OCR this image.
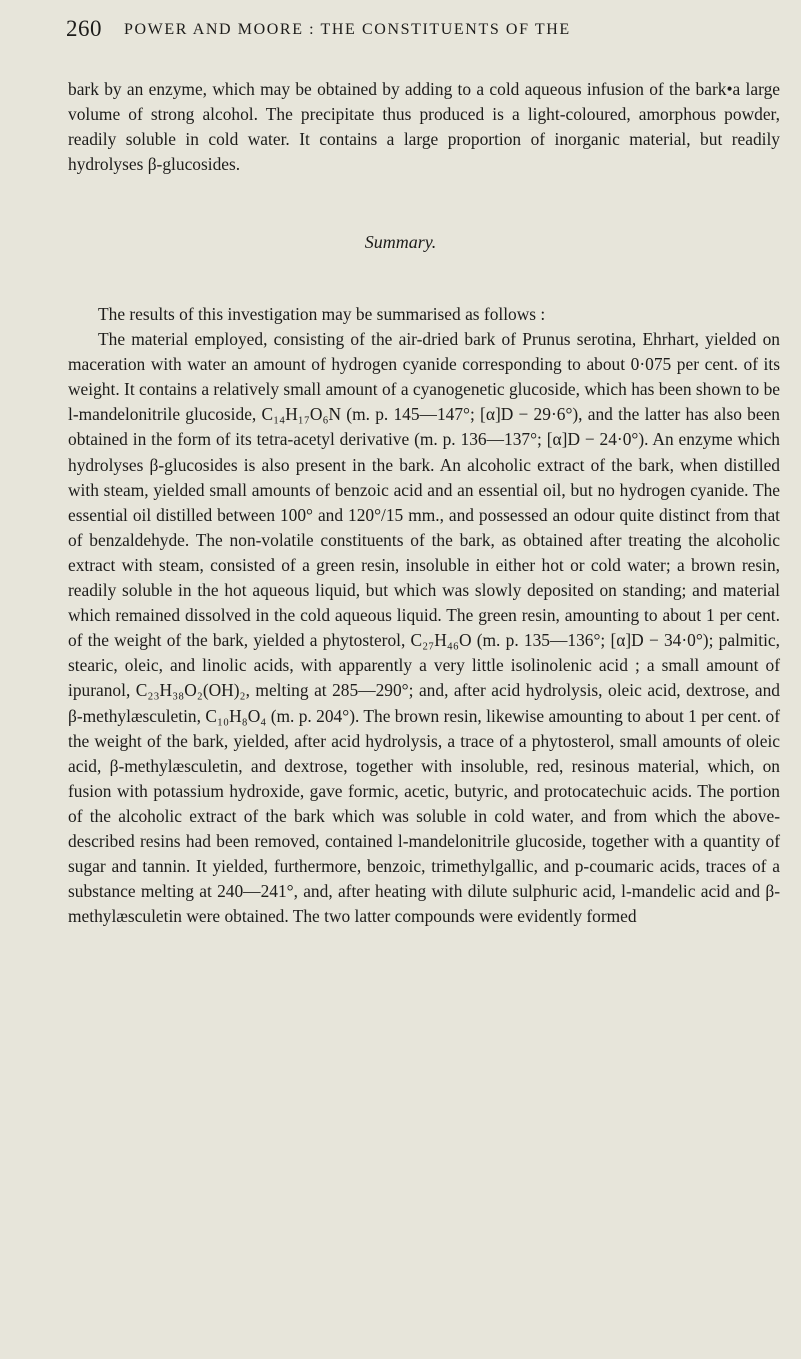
260 POWER AND MOORE : THE CONSTITUENTS OF THE

bark by an enzyme, which may be obtained by adding to a cold aqueous infusion of the bark•a large volume of strong alcohol. The precipitate thus produced is a light-coloured, amorphous powder, readily soluble in cold water. It contains a large proportion of inorganic material, but readily hydrolyses β-glucosides.

Summary.

The results of this investigation may be summarised as follows :

The material employed, consisting of the air-dried bark of Prunus serotina, Ehrhart, yielded on maceration with water an amount of hydrogen cyanide corresponding to about 0·075 per cent. of its weight. It contains a relatively small amount of a cyanogenetic glucoside, which has been shown to be l-mandelonitrile glucoside, C₁₄H₁₇O₆N (m. p. 145—147°; [α]D − 29·6°), and the latter has also been obtained in the form of its tetra-acetyl derivative (m. p. 136—137°; [α]D − 24·0°). An enzyme which hydrolyses β-glucosides is also present in the bark. An alcoholic extract of the bark, when distilled with steam, yielded small amounts of benzoic acid and an essential oil, but no hydrogen cyanide. The essential oil distilled between 100° and 120°/15 mm., and possessed an odour quite distinct from that of benzaldehyde. The non-volatile constituents of the bark, as obtained after treating the alcoholic extract with steam, consisted of a green resin, insoluble in either hot or cold water; a brown resin, readily soluble in the hot aqueous liquid, but which was slowly deposited on standing; and material which remained dissolved in the cold aqueous liquid. The green resin, amounting to about 1 per cent. of the weight of the bark, yielded a phytosterol, C₂₇H₄₆O (m. p. 135—136°; [α]D − 34·0°); palmitic, stearic, oleic, and linolic acids, with apparently a very little isolinolenic acid ; a small amount of ipuranol, C₂₃H₃₈O₂(OH)₂, melting at 285—290°; and, after acid hydrolysis, oleic acid, dextrose, and β-methylæsculetin, C₁₀H₈O₄ (m. p. 204°). The brown resin, likewise amounting to about 1 per cent. of the weight of the bark, yielded, after acid hydrolysis, a trace of a phytosterol, small amounts of oleic acid, β-methylæsculetin, and dextrose, together with insoluble, red, resinous material, which, on fusion with potassium hydroxide, gave formic, acetic, butyric, and protocatechuic acids. The portion of the alcoholic extract of the bark which was soluble in cold water, and from which the above-described resins had been removed, contained l-mandelonitrile glucoside, together with a quantity of sugar and tannin. It yielded, furthermore, benzoic, trimethylgallic, and p-coumaric acids, traces of a substance melting at 240—241°, and, after heating with dilute sulphuric acid, l-mandelic acid and β-methylæsculetin were obtained. The two latter compounds were evidently formed
